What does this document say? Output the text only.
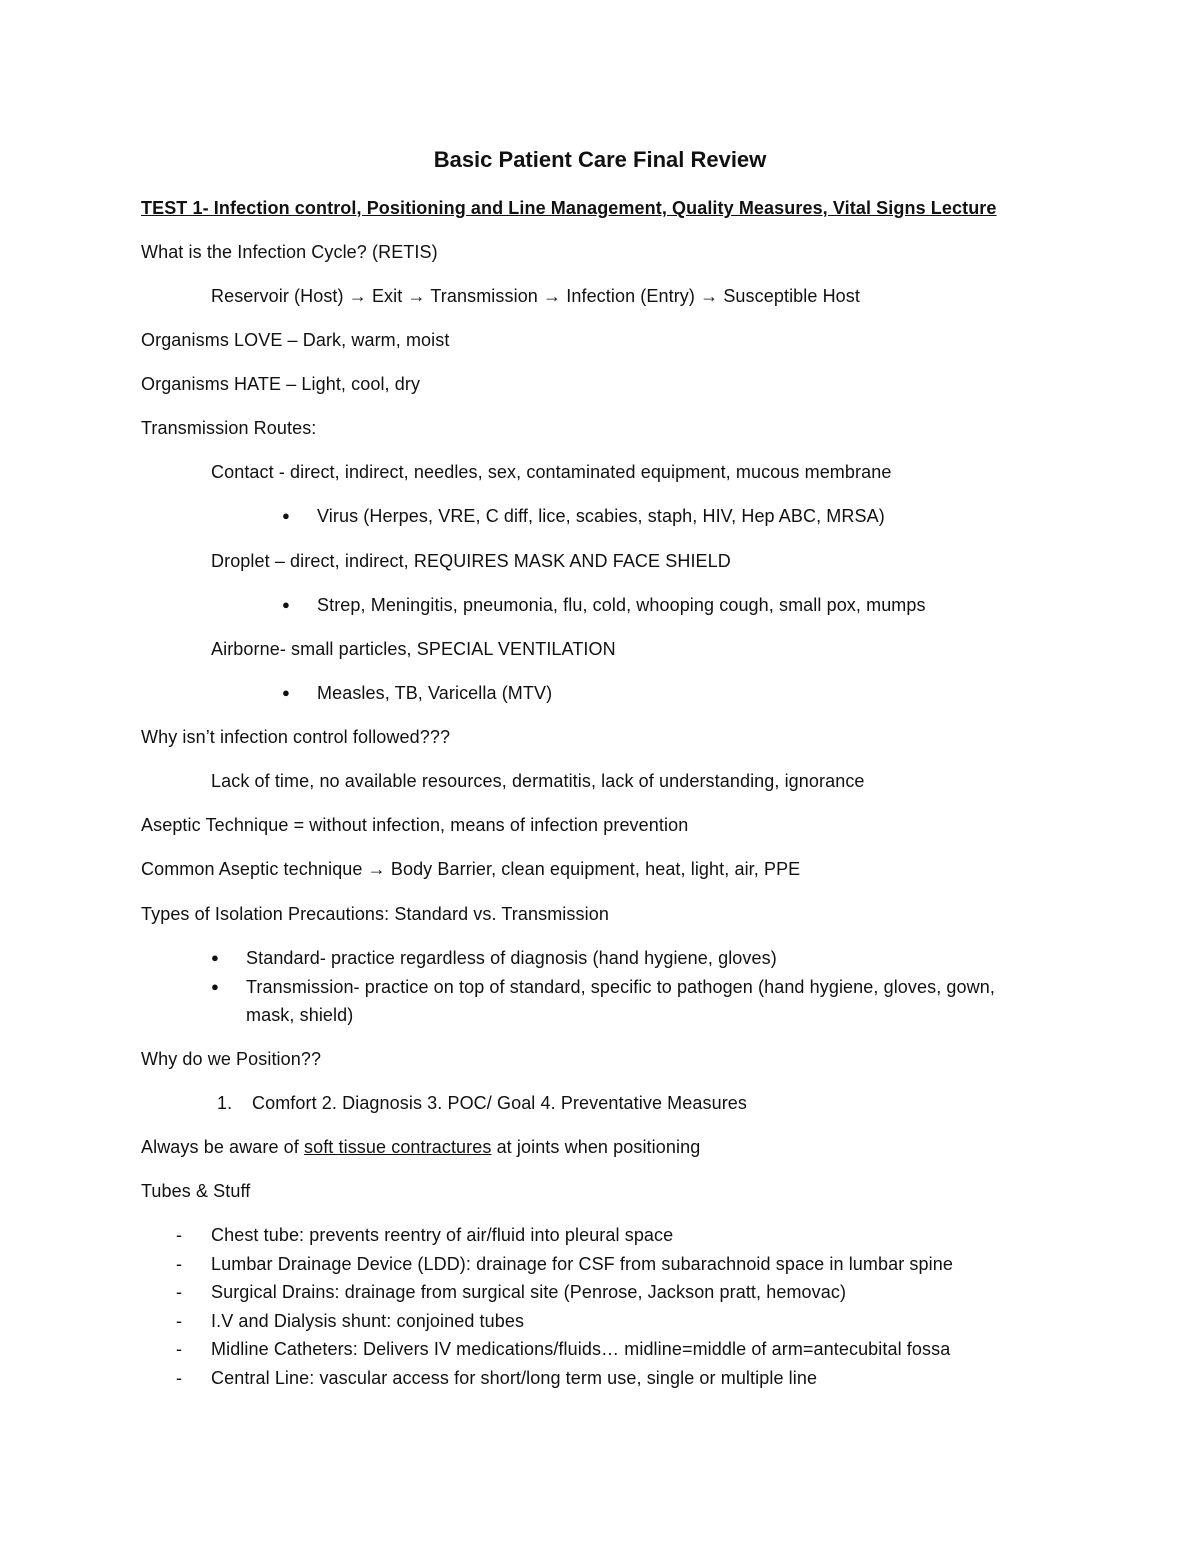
Basic Patient Care Final Review
TEST 1- Infection control, Positioning and Line Management, Quality Measures, Vital Signs Lecture
What is the Infection Cycle? (RETIS)
Reservoir (Host) → Exit → Transmission → Infection (Entry) → Susceptible Host
Organisms LOVE – Dark, warm, moist
Organisms HATE – Light, cool, dry
Transmission Routes:
Contact - direct, indirect, needles, sex, contaminated equipment, mucous membrane
● Virus (Herpes, VRE, C diff, lice, scabies, staph, HIV, Hep ABC, MRSA)
Droplet – direct, indirect, REQUIRES MASK AND FACE SHIELD
● Strep, Meningitis, pneumonia, flu, cold, whooping cough, small pox, mumps
Airborne- small particles, SPECIAL VENTILATION
● Measles, TB, Varicella (MTV)
Why isn’t infection control followed???
Lack of time, no available resources, dermatitis, lack of understanding, ignorance
Aseptic Technique = without infection, means of infection prevention
Common Aseptic technique → Body Barrier, clean equipment, heat, light, air, PPE
Types of Isolation Precautions: Standard vs. Transmission
● Standard- practice regardless of diagnosis (hand hygiene, gloves)
● Transmission- practice on top of standard, specific to pathogen (hand hygiene, gloves, gown,
mask, shield)
Why do we Position??
1. Comfort 2. Diagnosis 3. POC/ Goal 4. Preventative Measures
Always be aware of soft tissue contractures at joints when positioning
Tubes & Stuff
- Chest tube: prevents reentry of air/fluid into pleural space
- Lumbar Drainage Device (LDD): drainage for CSF from subarachnoid space in lumbar spine
- Surgical Drains: drainage from surgical site (Penrose, Jackson pratt, hemovac)
- I.V and Dialysis shunt: conjoined tubes
- Midline Catheters: Delivers IV medications/fluids… midline=middle of arm=antecubital fossa
- Central Line: vascular access for short/long term use, single or multiple line
